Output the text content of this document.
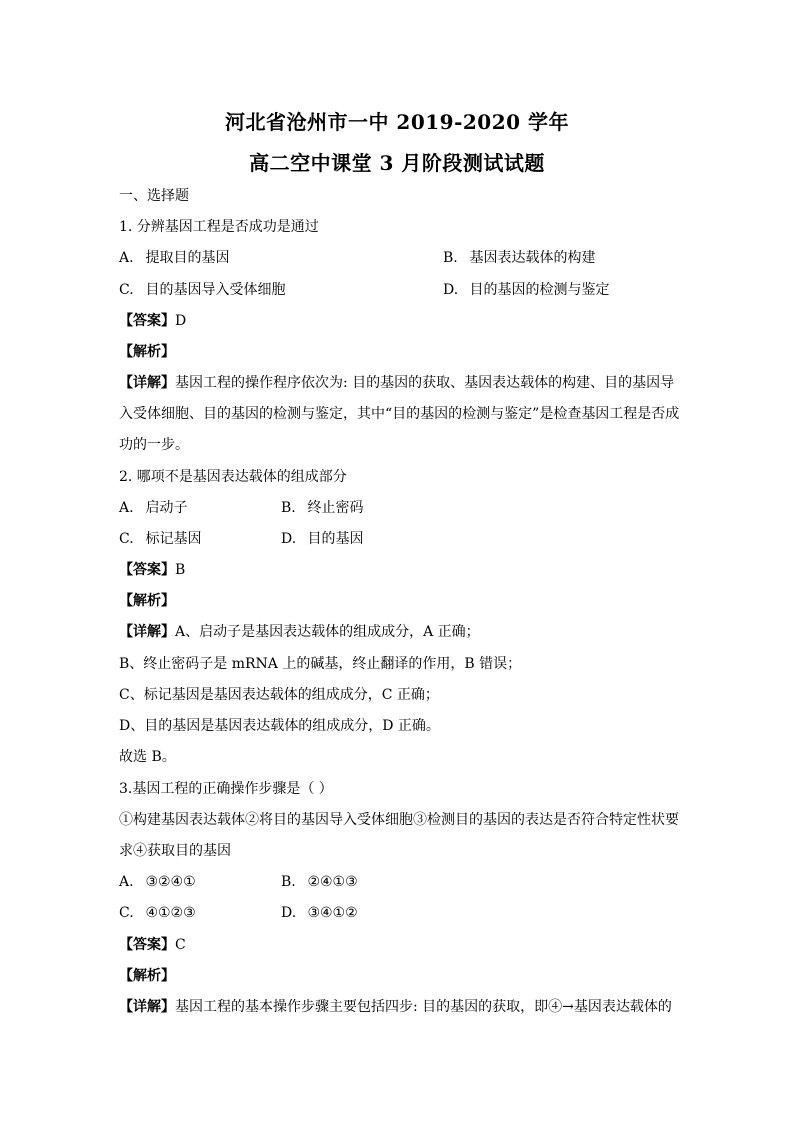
河北省沧州市一中 2019-2020 学年
高二空中课堂 3 月阶段测试试题
一、选择题
1. 分辨基因工程是否成功是通过
A. 提取目的基因	B. 基因表达载体的构建
C. 目的基因导入受体细胞	D. 目的基因的检测与鉴定
【答案】D
【解析】
【详解】基因工程的操作程序依次为: 目的基因的获取、基因表达载体的构建、目的基因导
入受体细胞、目的基因的检测与鉴定，其中“目的基因的检测与鉴定”是检查基因工程是否成
功的一步。
2. 哪项不是基因表达载体的组成部分
A. 启动子	B. 终止密码
C. 标记基因	D. 目的基因
【答案】B
【解析】
【详解】A、启动子是基因表达载体的组成成分，A 正确；
B、终止密码子是 mRNA 上的碱基，终止翻译的作用，B 错误；
C、标记基因是基因表达载体的组成成分，C 正确；
D、目的基因是基因表达载体的组成成分，D 正确。
故选 B。
3.基因工程的正确操作步骤是（ ）
①构建基因表达载体②将目的基因导入受体细胞③检测目的基因的表达是否符合特定性状要
求④获取目的基因
A. ③②④①	B. ②④①③
C. ④①②③	D. ③④①②
【答案】C
【解析】
【详解】基因工程的基本操作步骤主要包括四步: 目的基因的获取，即④→基因表达载体的
